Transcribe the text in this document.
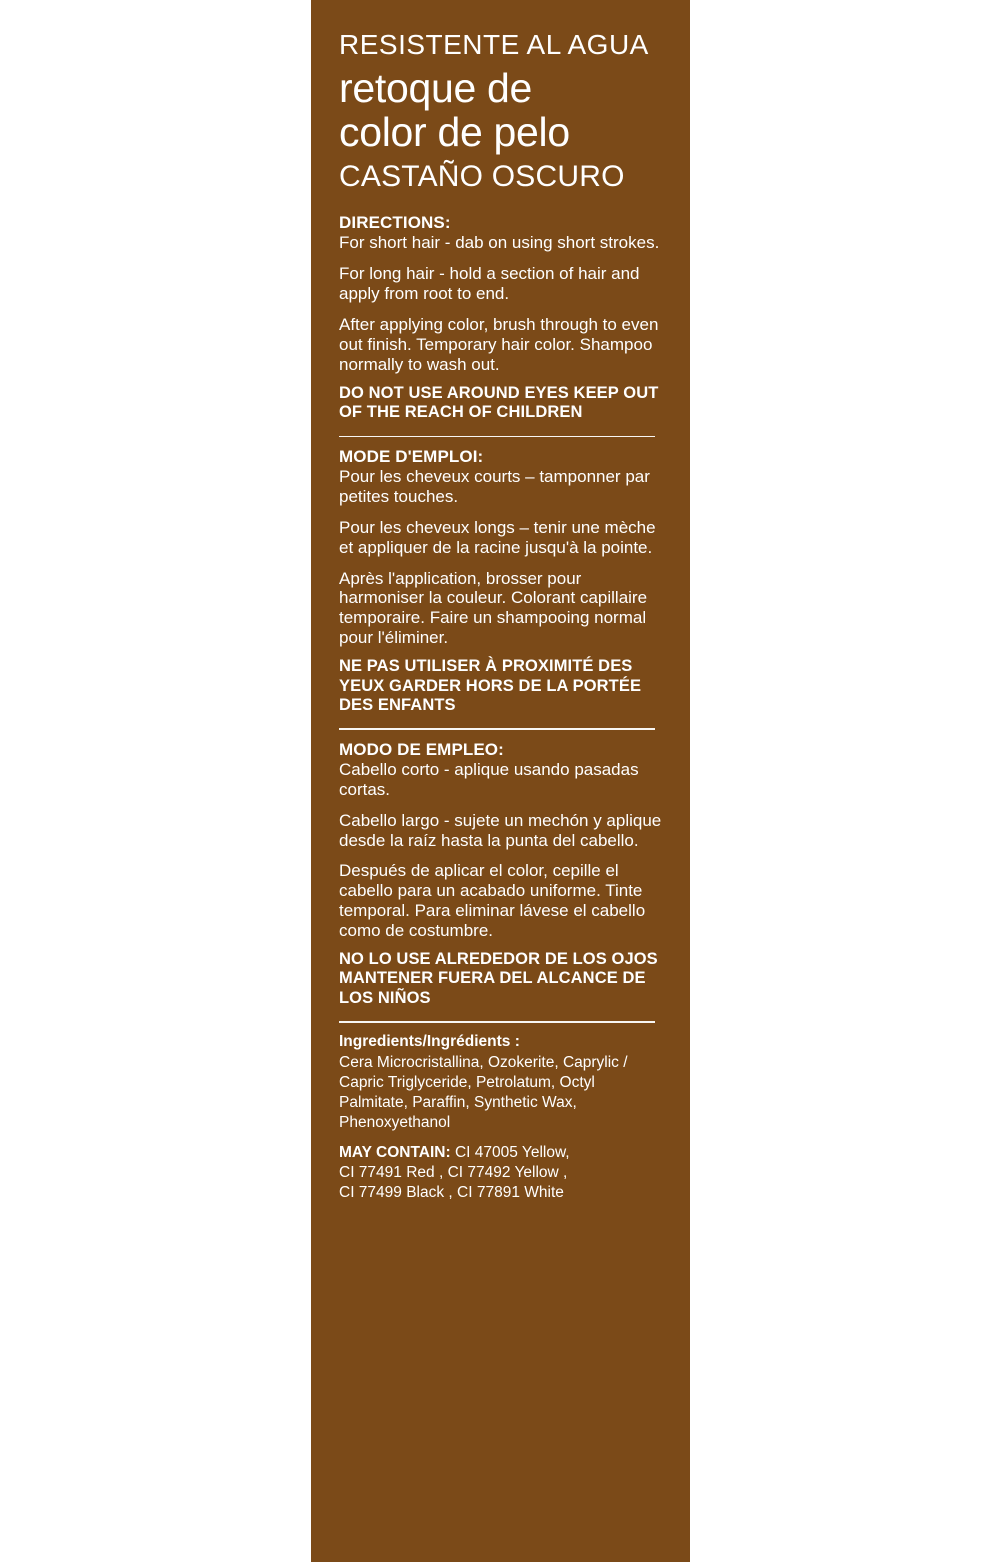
RESISTENTE AL AGUA
retoque de
color de pelo
CASTAÑO OSCURO
DIRECTIONS:

For short hair - dab on using short strokes.

For long hair - hold a section of hair and apply from root to end.

After applying color, brush through to even out finish. Temporary hair color. Shampoo normally to wash out.

DO NOT USE AROUND EYES KEEP OUT OF THE REACH OF CHILDREN
MODE D'EMPLOI:

Pour les cheveux courts – tamponner par petites touches.

Pour les cheveux longs – tenir une mèche et appliquer de la racine jusqu'à la pointe.

Après l'application, brosser pour harmoniser la couleur. Colorant capillaire temporaire. Faire un shampooing normal pour l'éliminer.

NE PAS UTILISER À PROXIMITÉ DES YEUX GARDER HORS DE LA PORTÉE DES ENFANTS
MODO DE EMPLEO:

Cabello corto - aplique usando pasadas cortas.

Cabello largo - sujete un mechón y aplique desde la raíz hasta la punta del cabello.

Después de aplicar el color, cepille el cabello para un acabado uniforme. Tinte temporal. Para eliminar lávese el cabello como de costumbre.

NO LO USE ALREDEDOR DE LOS OJOS MANTENER FUERA DEL ALCANCE DE LOS NIÑOS
Ingredients/Ingrédients :

Cera Microcristallina, Ozokerite, Caprylic / Capric Triglyceride, Petrolatum, Octyl Palmitate, Paraffin, Synthetic Wax, Phenoxyethanol

MAY CONTAIN: CI 47005 Yellow,
CI 77491 Red , CI 77492 Yellow ,
CI 77499 Black , CI 77891 White
